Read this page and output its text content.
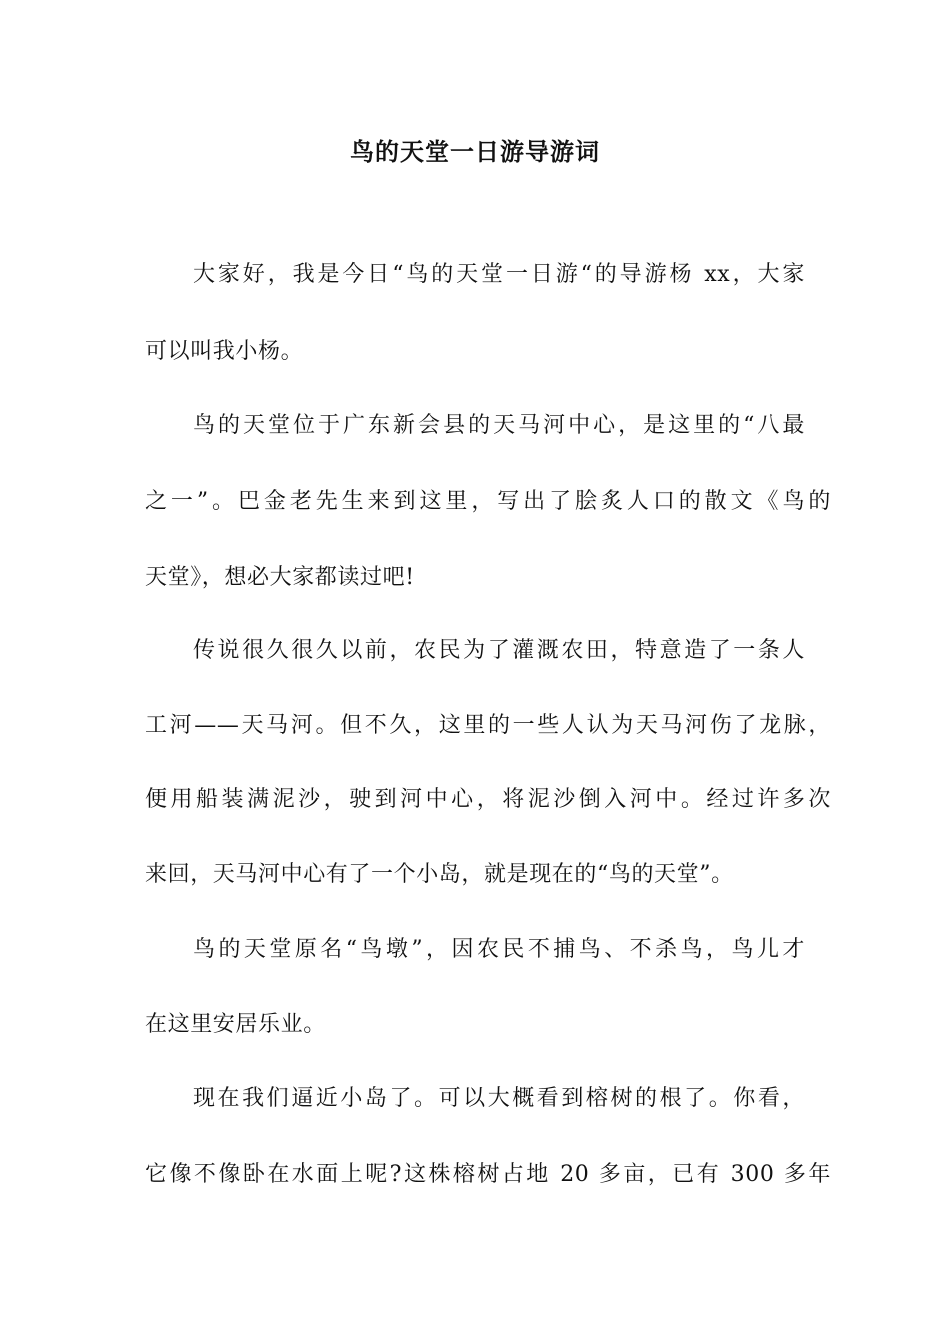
鸟的天堂一日游导游词
大家好，我是今日“鸟的天堂一日游“的导游杨 xx，大家
可以叫我小杨。
鸟的天堂位于广东新会县的天马河中心，是这里的“八最
之一”。巴金老先生来到这里，写出了脍炙人口的散文《鸟的
天堂》，想必大家都读过吧!
传说很久很久以前，农民为了灌溉农田，特意造了一条人
工河——天马河。但不久，这里的一些人认为天马河伤了龙脉，
便用船装满泥沙，驶到河中心，将泥沙倒入河中。经过许多次
来回，天马河中心有了一个小岛，就是现在的“鸟的天堂”。
鸟的天堂原名“鸟墩”，因农民不捕鸟、不杀鸟，鸟儿才
在这里安居乐业。
现在我们逼近小岛了。可以大概看到榕树的根了。你看，
它像不像卧在水面上呢?这株榕树占地 20 多亩，已有 300 多年
